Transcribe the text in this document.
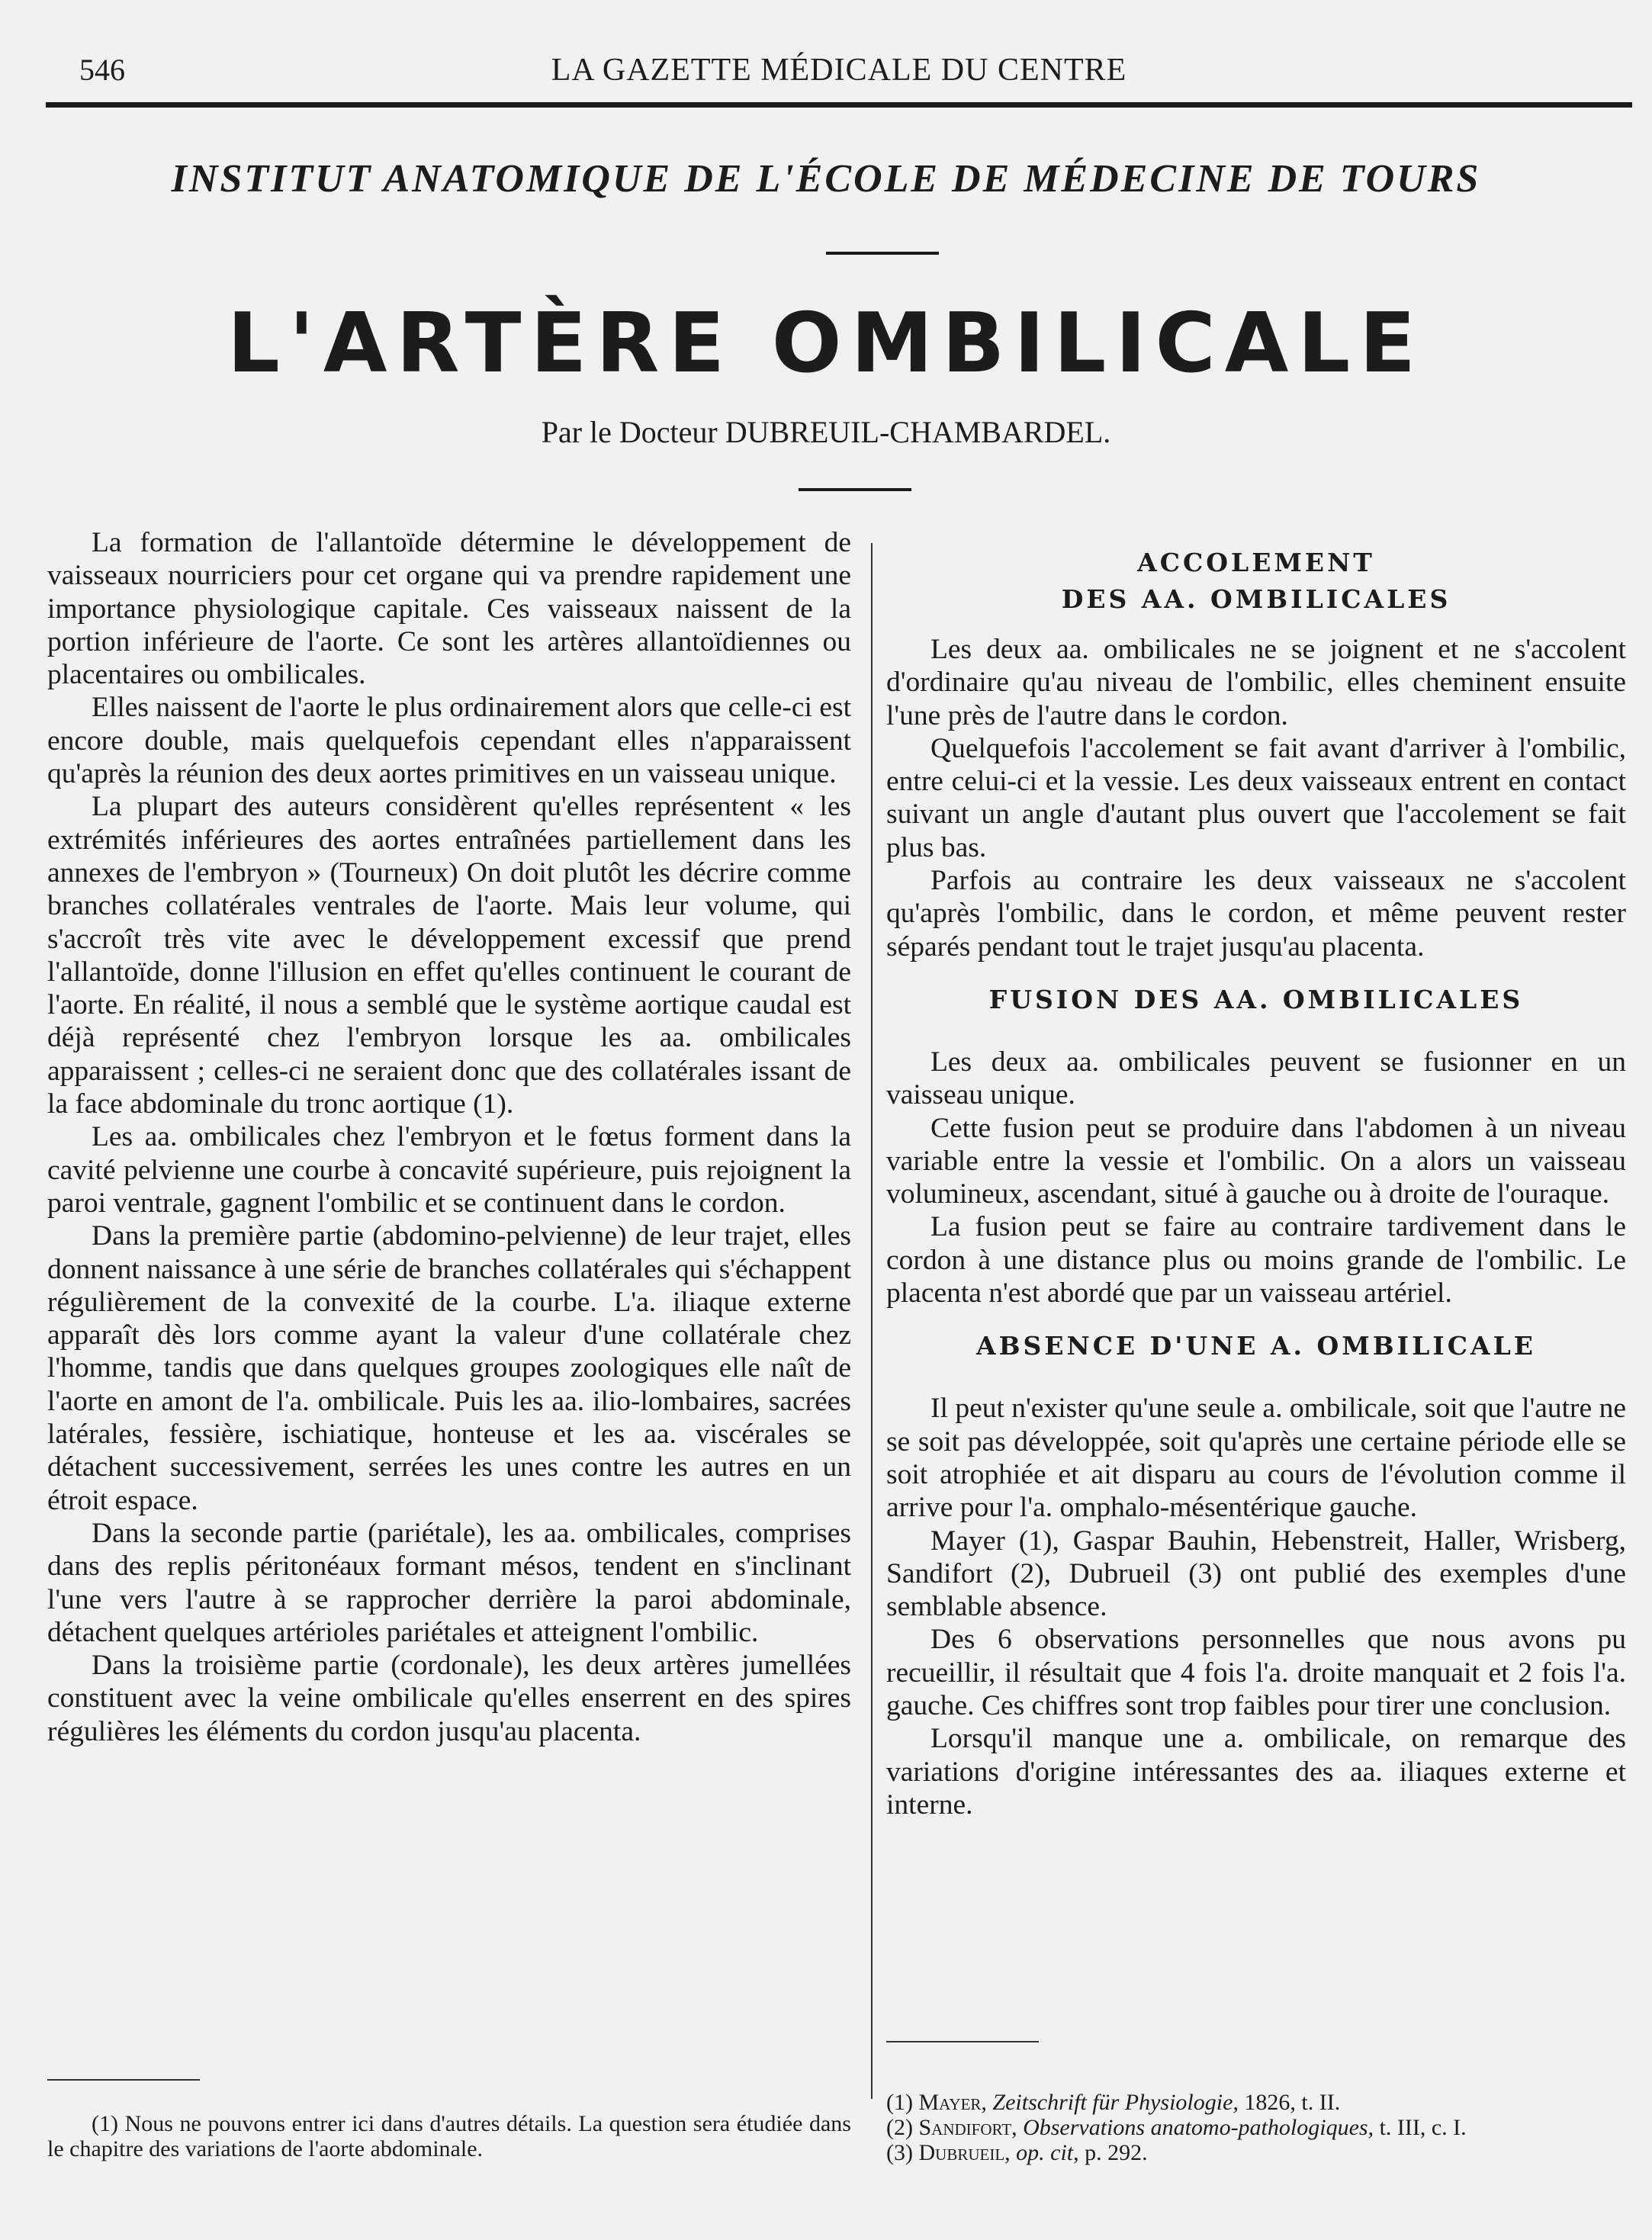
546	LA GAZETTE MÉDICALE DU CENTRE
INSTITUT ANATOMIQUE DE L'ÉCOLE DE MÉDECINE DE TOURS
L'ARTÈRE OMBILICALE
Par le Docteur DUBREUIL-CHAMBARDEL.

La formation de l'allantoïde détermine le développement de vaisseaux nourriciers pour cet organe qui va prendre rapidement une importance physiologique capitale. Ces vaisseaux naissent de la portion inférieure de l'aorte. Ce sont les artères allantoïdiennes ou placentaires ou ombilicales.

Elles naissent de l'aorte le plus ordinairement alors que celle-ci est encore double, mais quelquefois cependant elles n'apparaissent qu'après la réunion des deux aortes primitives en un vaisseau unique.

La plupart des auteurs considèrent qu'elles représentent « les extrémités inférieures des aortes entraînées partiellement dans les annexes de l'embryon » (Tourneux) On doit plutôt les décrire comme branches collatérales ventrales de l'aorte. Mais leur volume, qui s'accroît très vite avec le développement excessif que prend l'allantoïde, donne l'illusion en effet qu'elles continuent le courant de l'aorte. En réalité, il nous a semblé que le système aortique caudal est déjà représenté chez l'embryon lorsque les aa. ombilicales apparaissent ; celles-ci ne seraient donc que des collatérales issant de la face abdominale du tronc aortique (1).

Les aa. ombilicales chez l'embryon et le fœtus forment dans la cavité pelvienne une courbe à concavité supérieure, puis rejoignent la paroi ventrale, gagnent l'ombilic et se continuent dans le cordon.

Dans la première partie (abdomino-pelvienne) de leur trajet, elles donnent naissance à une série de branches collatérales qui s'échappent régulièrement de la convexité de la courbe. L'a. iliaque externe apparaît dès lors comme ayant la valeur d'une collatérale chez l'homme, tandis que dans quelques groupes zoologiques elle naît de l'aorte en amont de l'a. ombilicale. Puis les aa. ilio-lombaires, sacrées latérales, fessière, ischiatique, honteuse et les aa. viscérales se détachent successivement, serrées les unes contre les autres en un étroit espace.

Dans la seconde partie (pariétale), les aa. ombilicales, comprises dans des replis péritonéaux formant mésos, tendent en s'inclinant l'une vers l'autre à se rapprocher derrière la paroi abdominale, détachent quelques artérioles pariétales et atteignent l'ombilic.

Dans la troisième partie (cordonale), les deux artères jumellées constituent avec la veine ombilicale qu'elles enserrent en des spires régulières les éléments du cordon jusqu'au placenta.

ACCOLEMENT
DES AA. OMBILICALES

Les deux aa. ombilicales ne se joignent et ne s'accolent d'ordinaire qu'au niveau de l'ombilic, elles cheminent ensuite l'une près de l'autre dans le cordon.

Quelquefois l'accolement se fait avant d'arriver à l'ombilic, entre celui-ci et la vessie. Les deux vaisseaux entrent en contact suivant un angle d'autant plus ouvert que l'accolement se fait plus bas.

Parfois au contraire les deux vaisseaux ne s'accolent qu'après l'ombilic, dans le cordon, et même peuvent rester séparés pendant tout le trajet jusqu'au placenta.

FUSION DES AA. OMBILICALES

Les deux aa. ombilicales peuvent se fusionner en un vaisseau unique.

Cette fusion peut se produire dans l'abdomen à un niveau variable entre la vessie et l'ombilic. On a alors un vaisseau volumineux, ascendant, situé à gauche ou à droite de l'ouraque.

La fusion peut se faire au contraire tardivement dans le cordon à une distance plus ou moins grande de l'ombilic. Le placenta n'est abordé que par un vaisseau artériel.

ABSENCE D'UNE A. OMBILICALE

Il peut n'exister qu'une seule a. ombilicale, soit que l'autre ne se soit pas développée, soit qu'après une certaine période elle se soit atrophiée et ait disparu au cours de l'évolution comme il arrive pour l'a. omphalo-mésentérique gauche.

Mayer (1), Gaspar Bauhin, Hebenstreit, Haller, Wrisberg, Sandifort (2), Dubrueil (3) ont publié des exemples d'une semblable absence.

Des 6 observations personnelles que nous avons pu recueillir, il résultait que 4 fois l'a. droite manquait et 2 fois l'a. gauche. Ces chiffres sont trop faibles pour tirer une conclusion.

Lorsqu'il manque une a. ombilicale, on remarque des variations d'origine intéressantes des aa. iliaques externe et interne.

(1) Nous ne pouvons entrer ici dans d'autres détails. La question sera étudiée dans le chapitre des variations de l'aorte abdominale.

(1) Mayer, Zeitschrift für Physiologie, 1826, t. II.

(2) Sandifort, Observations anatomo-pathologiques, t. III, c. I.

(3) Dubrueil, op. cit, p. 292.
